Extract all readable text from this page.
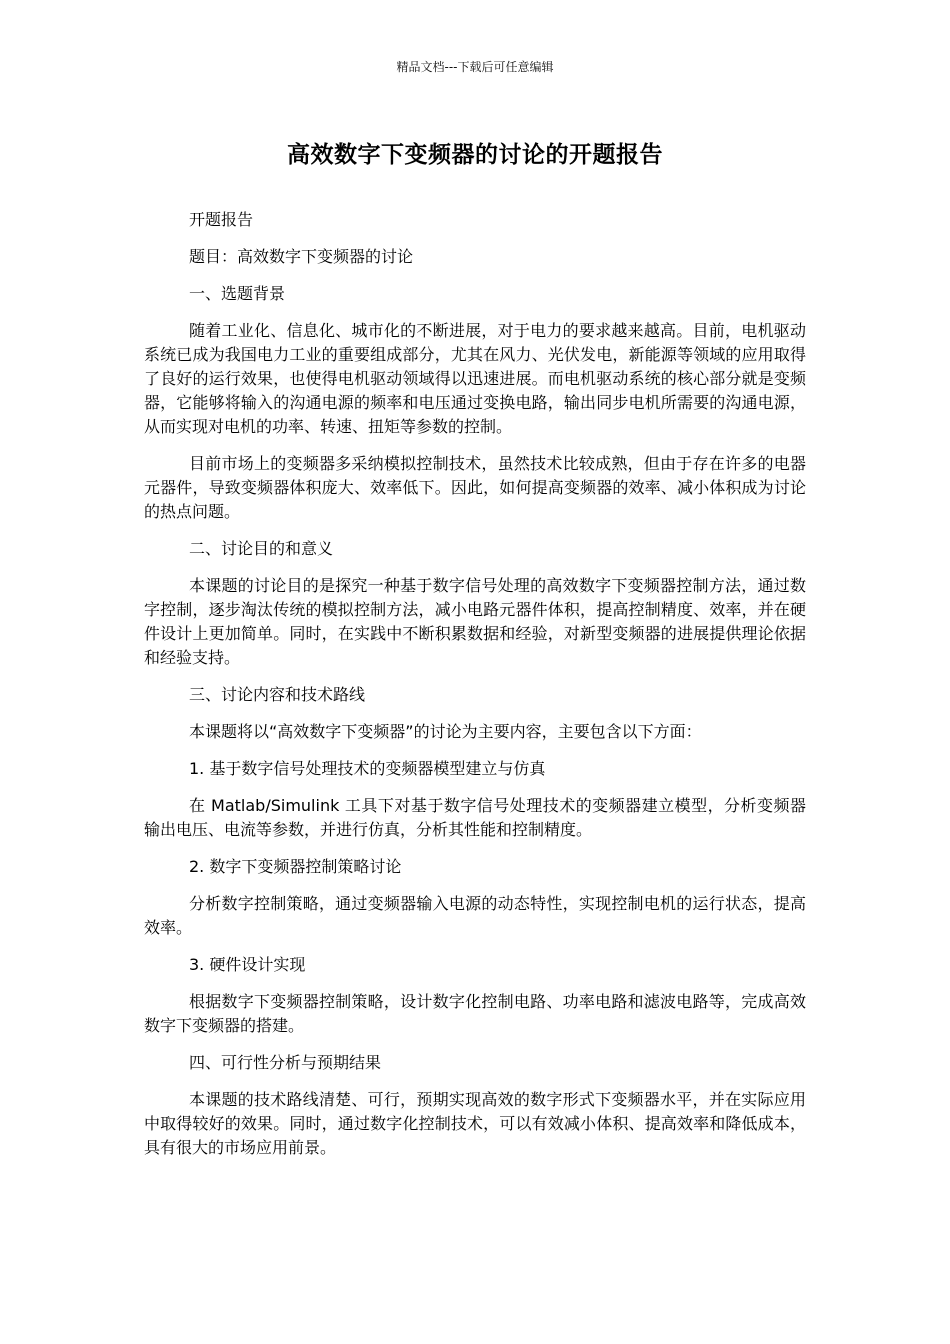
精品文档---下载后可任意编辑
高效数字下变频器的讨论的开题报告

开题报告

题目：高效数字下变频器的讨论

一、选题背景

随着工业化、信息化、城市化的不断进展，对于电力的要求越来越高。目前，电机驱动系统已成为我国电力工业的重要组成部分，尤其在风力、光伏发电，新能源等领域的应用取得了良好的运行效果，也使得电机驱动领域得以迅速进展。而电机驱动系统的核心部分就是变频器，它能够将输入的沟通电源的频率和电压通过变换电路，输出同步电机所需要的沟通电源，从而实现对电机的功率、转速、扭矩等参数的控制。

目前市场上的变频器多采纳模拟控制技术，虽然技术比较成熟，但由于存在许多的电器元器件，导致变频器体积庞大、效率低下。因此，如何提高变频器的效率、减小体积成为讨论的热点问题。

二、讨论目的和意义

本课题的讨论目的是探究一种基于数字信号处理的高效数字下变频器控制方法，通过数字控制，逐步淘汰传统的模拟控制方法，减小电路元器件体积，提高控制精度、效率，并在硬件设计上更加简单。同时，在实践中不断积累数据和经验，对新型变频器的进展提供理论依据和经验支持。

三、讨论内容和技术路线

本课题将以“高效数字下变频器”的讨论为主要内容，主要包含以下方面：

1. 基于数字信号处理技术的变频器模型建立与仿真

在 Matlab/Simulink 工具下对基于数字信号处理技术的变频器建立模型，分析变频器输出电压、电流等参数，并进行仿真，分析其性能和控制精度。

2. 数字下变频器控制策略讨论

分析数字控制策略，通过变频器输入电源的动态特性，实现控制电机的运行状态，提高效率。

3. 硬件设计实现

根据数字下变频器控制策略，设计数字化控制电路、功率电路和滤波电路等，完成高效数字下变频器的搭建。

四、可行性分析与预期结果

本课题的技术路线清楚、可行，预期实现高效的数字形式下变频器水平，并在实际应用中取得较好的效果。同时，通过数字化控制技术，可以有效减小体积、提高效率和降低成本，具有很大的市场应用前景。
